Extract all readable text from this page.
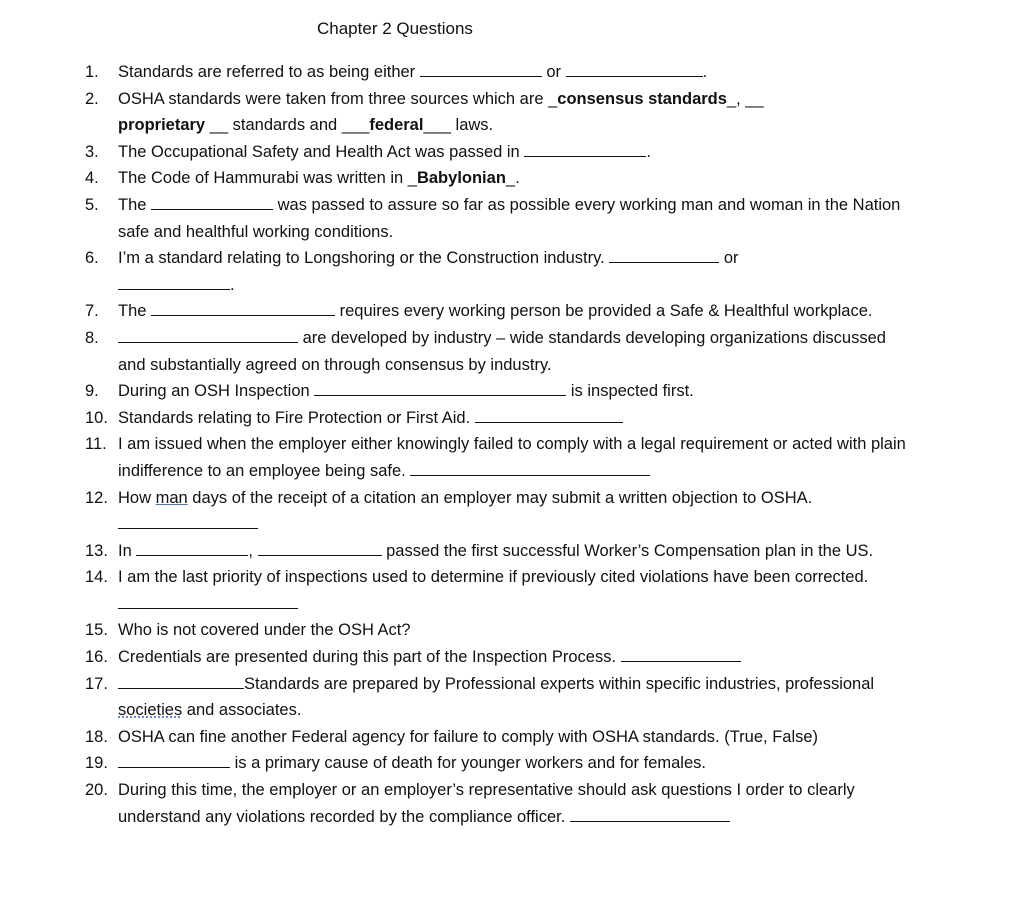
Chapter 2 Questions
1. Standards are referred to as being either	or	.
2. OSHA standards were taken from three sources which are _consensus standards_, __
proprietary __ standards and ___federal___ laws.
3. The Occupational Safety and Health Act was passed in	.
4. The Code of Hammurabi was written in _Babylonian_.
5. The	was passed to assure so far as possible every working man and woman in the Nation safe and healthful working conditions.
6. I’m a standard relating to Longshoring or the Construction industry.	or
.
7. The	requires every working person be provided a Safe & Healthful workplace.
8.	are developed by industry – wide standards developing organizations discussed and substantially agreed on through consensus by industry.
9. During an OSH Inspection	is inspected first.
10. Standards relating to Fire Protection or First Aid.
11. I am issued when the employer either knowingly failed to comply with a legal requirement or acted with plain indifference to an employee being safe.
12. How man days of the receipt of a citation an employer may submit a written objection to OSHA.

13. In	,	passed the first successful Worker’s Compensation plan in the US.
14. I am the last priority of inspections used to determine if previously cited violations have been corrected.
15. Who is not covered under the OSH Act?
16. Credentials are presented during this part of the Inspection Process.
17.	Standards are prepared by Professional experts within specific industries, professional societies and associates.
18. OSHA can fine another Federal agency for failure to comply with OSHA standards. (True, False)
19.	is a primary cause of death for younger workers and for females.
20. During this time, the employer or an employer’s representative should ask questions I order to clearly understand any violations recorded by the compliance officer.
